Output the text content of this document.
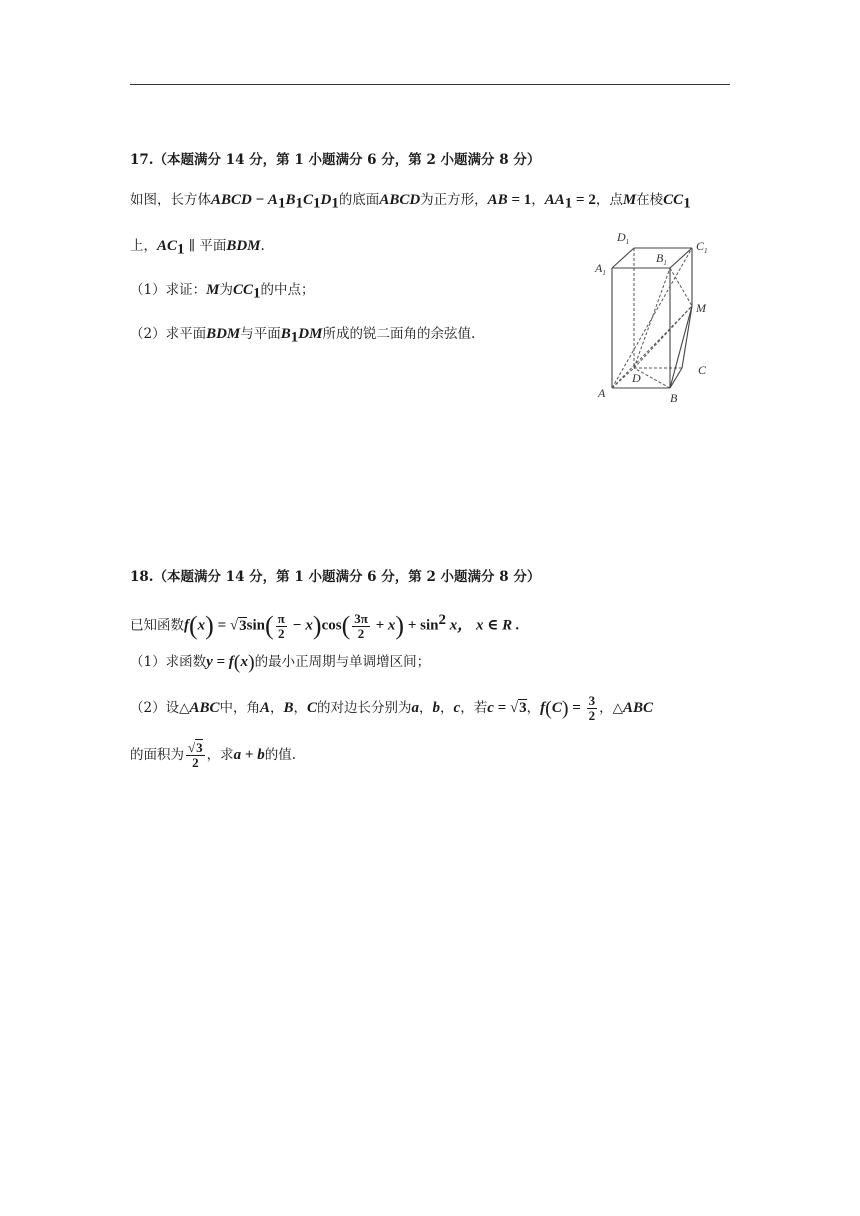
17.（本题满分 14 分，第 1 小题满分 6 分，第 2 小题满分 8 分）
如图，长方体ABCD − $A_1B_1C_1D_1$的底面ABCD为正方形，AB = 1，$AA_1 = 2$，点M在棱$CC_1$
上，$AC_1$ ∥ 平面BDM.
（1）求证：M为$CC_1$的中点；
（2）求平面BDM与平面$B_1DM$所成的锐二面角的余弦值.
$D_1$
$B_1$
$C_1$
$A_1$
M
C
D
A	B
18.（本题满分 14 分，第 1 小题满分 6 分，第 2 小题满分 8 分）
已知函数$f(x) = √3\sin( \frac{\pi}{2} - x)\cos( \frac{3\pi}{2} + x) + \sin^2 x$， x ∈ R .
（1）求函数y = f(x)的最小正周期与单调增区间；
（2）设△ABC中，角A，B，C的对边长分别为a，b，c，若c = √3，$f(C) = \frac{3}{2}$ ，△ABC
的面积为 $\frac{√3}{2}$ ，求a + b的值.
